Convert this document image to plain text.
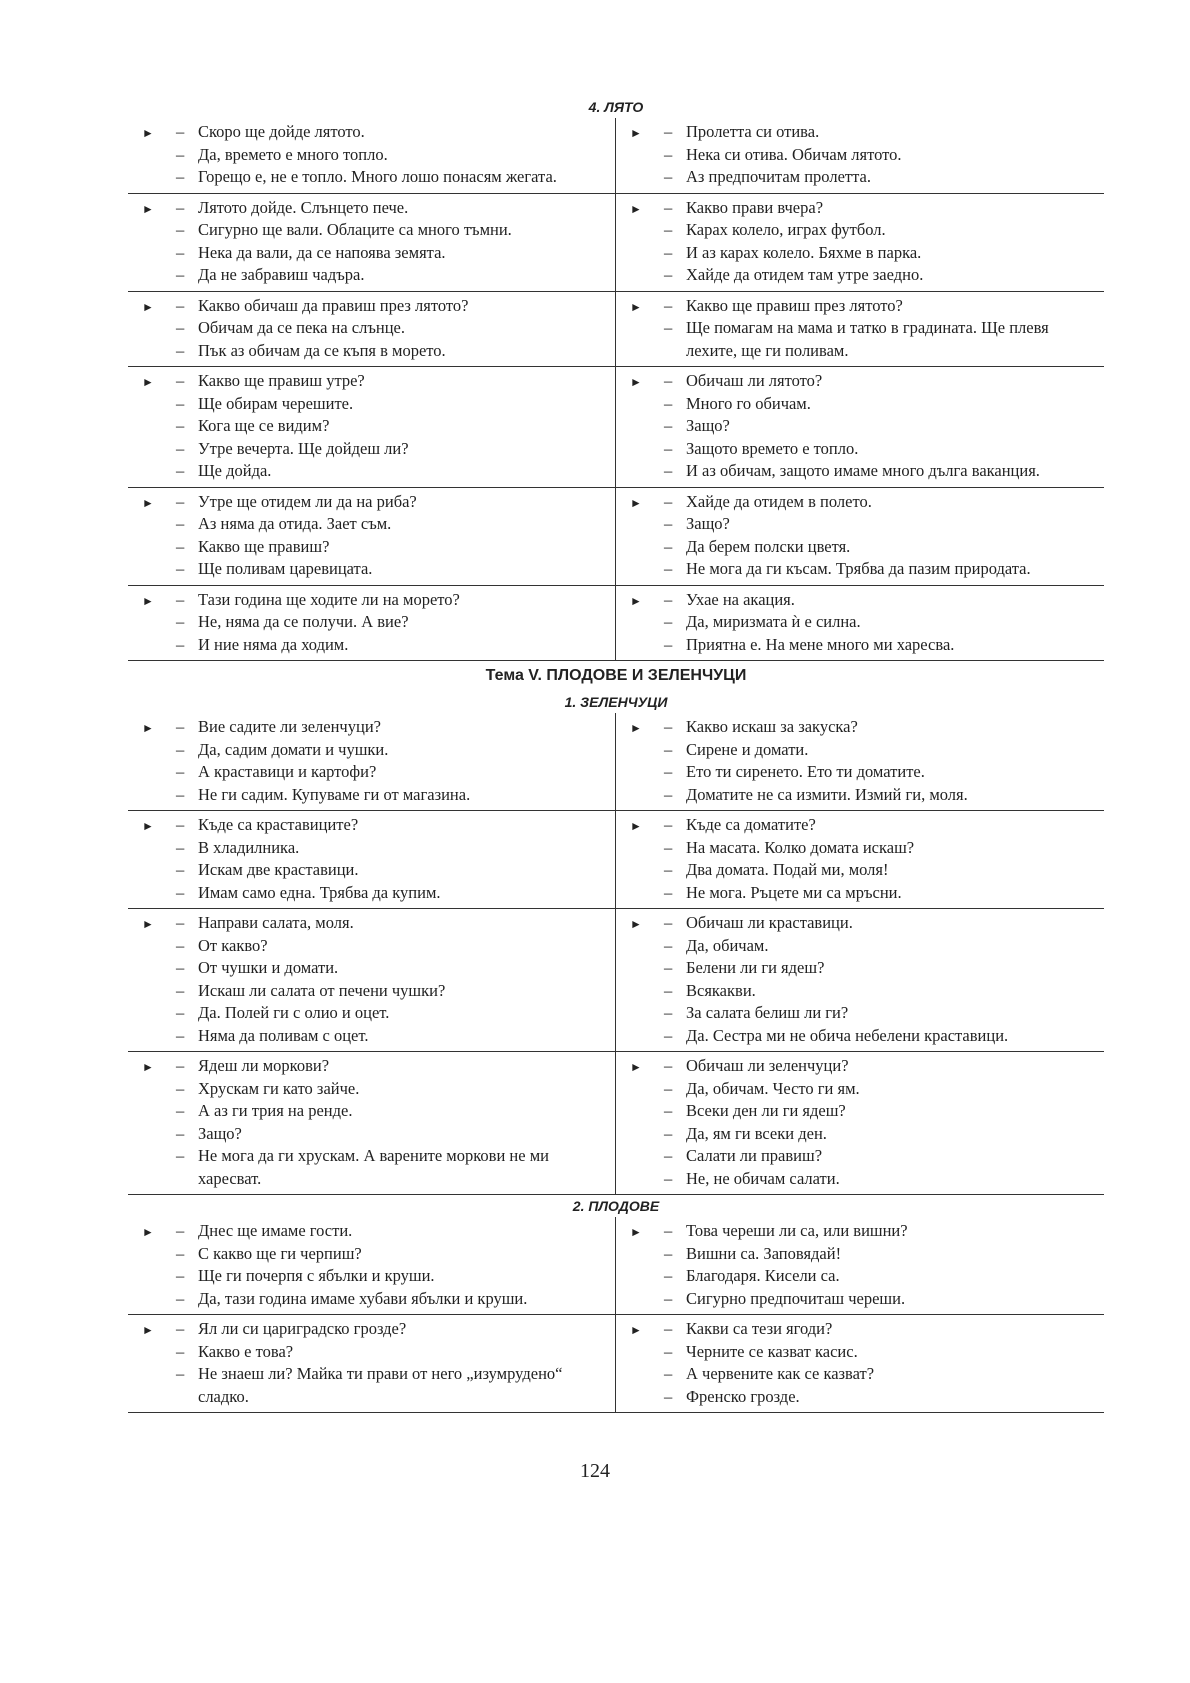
4. ЛЯТО
► – Скоро ще дойде лятото.
– Да, времето е много топло.
– Горещо е, не е топло. Много лошо понасям жегата.
► – Пролетта си отива.
– Нека си отива. Обичам лятото.
– Аз предпочитам пролетта.
► – Лятото дойде. Слънцето пече.
– Сигурно ще вали. Облаците са много тъмни.
– Нека да вали, да се напоява земята.
– Да не забравиш чадъра.
► – Какво прави вчера?
– Карах колело, играх футбол.
– И аз карах колело. Бяхме в парка.
– Хайде да отидем там утре заедно.
► – Какво обичаш да правиш през лятото?
– Обичам да се пека на слънце.
– Пък аз обичам да се къпя в морето.
► – Какво ще правиш през лятото?
– Ще помагам на мама и татко в градината. Ще плевя лехите, ще ги поливам.
► – Какво ще правиш утре?
– Ще обирам черешите.
– Кога ще се видим?
– Утре вечерта. Ще дойдеш ли?
– Ще дойда.
► – Обичаш ли лятото?
– Много го обичам.
– Защо?
– Защото времето е топло.
– И аз обичам, защото имаме много дълга ваканция.
► – Утре ще отидем ли да на риба?
– Аз няма да отида. Зает съм.
– Какво ще правиш?
– Ще поливам царевицата.
► – Хайде да отидем в полето.
– Защо?
– Да берем полски цветя.
– Не мога да ги късам. Трябва да пазим природата.
► – Тази година ще ходите ли на морето?
– Не, няма да се получи. А вие?
– И ние няма да ходим.
► – Ухае на акация.
– Да, миризмата ѝ е силна.
– Приятна е. На мене много ми харесва.
Тема V. ПЛОДОВЕ И ЗЕЛЕНЧУЦИ
1. ЗЕЛЕНЧУЦИ
► – Вие садите ли зеленчуци?
– Да, садим домати и чушки.
– А краставици и картофи?
– Не ги садим. Купуваме ги от магазина.
► – Какво искаш за закуска?
– Сирене и домати.
– Ето ти сиренето. Ето ти доматите.
– Доматите не са измити. Измий ги, моля.
► – Къде са краставиците?
– В хладилника.
– Искам две краставици.
– Имам само една. Трябва да купим.
► – Къде са доматите?
– На масата. Колко домата искаш?
– Два домата. Подай ми, моля!
– Не мога. Ръцете ми са мръсни.
► – Направи салата, моля.
– От какво?
– От чушки и домати.
– Искаш ли салата от печени чушки?
– Да. Полей ги с олио и оцет.
– Няма да поливам с оцет.
► – Обичаш ли краставици.
– Да, обичам.
– Белени ли ги ядеш?
– Всякакви.
– За салата белиш ли ги?
– Да. Сестра ми не обича небелени краставици.
► – Ядеш ли моркови?
– Хрускам ги като зайче.
– А аз ги трия на ренде.
– Защо?
– Не мога да ги хрускам. А варените моркови не ми харесват.
► – Обичаш ли зеленчуци?
– Да, обичам. Често ги ям.
– Всеки ден ли ги ядеш?
– Да, ям ги всеки ден.
– Салати ли правиш?
– Не, не обичам салати.
2. ПЛОДОВЕ
► – Днес ще имаме гости.
– С какво ще ги черпиш?
– Ще ги почерпя с ябълки и круши.
– Да, тази година имаме хубави ябълки и круши.
► – Това череши ли са, или вишни?
– Вишни са. Заповядай!
– Благодаря. Кисели са.
– Сигурно предпочиташ череши.
► – Ял ли си цариградско грозде?
– Какво е това?
– Не знаеш ли? Майка ти прави от него „изумрудено“ сладко.
► – Какви са тези ягоди?
– Черните се казват касис.
– А червените как се казват?
– Френско грозде.
124
